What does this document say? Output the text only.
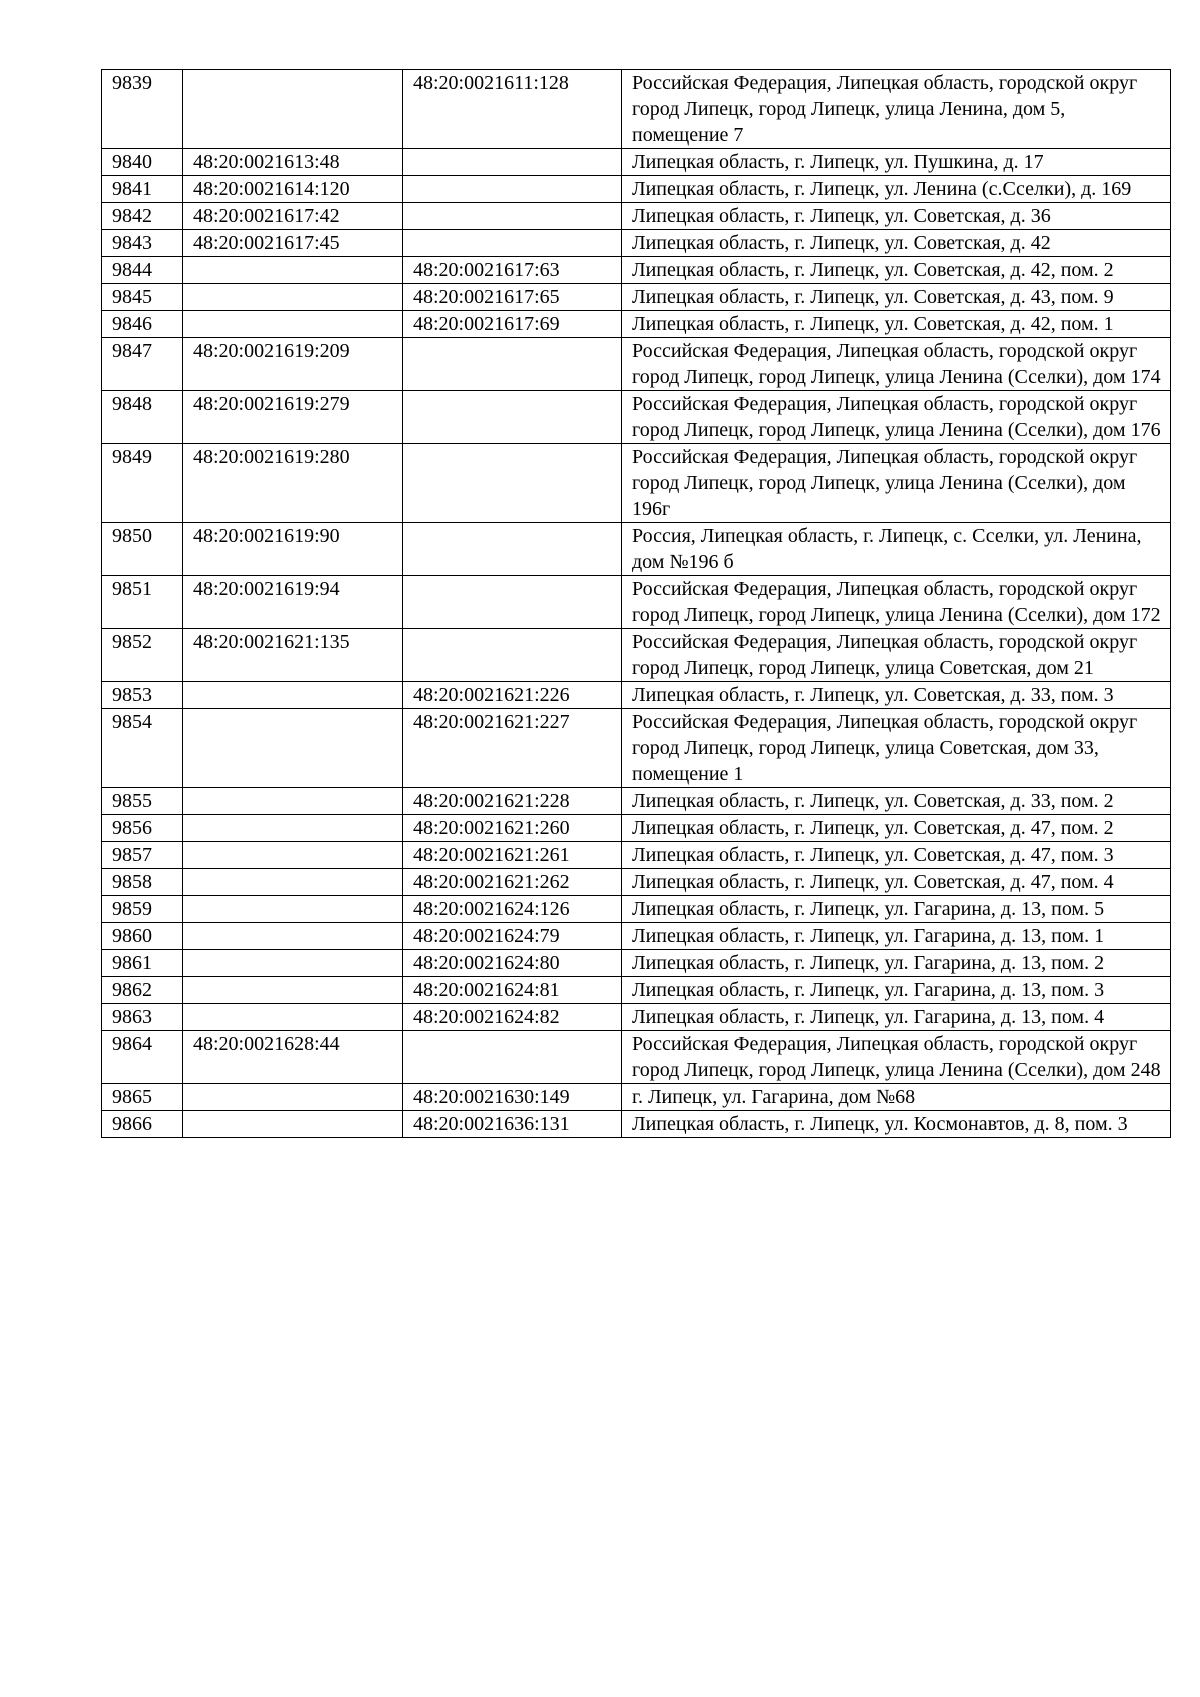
9839		48:20:0021611:128	Российская Федерация, Липецкая область, городской округ город Липецк, город Липецк, улица Ленина, дом 5, помещение 7
9840	48:20:0021613:48		Липецкая область, г. Липецк, ул. Пушкина, д. 17
9841	48:20:0021614:120		Липецкая область, г. Липецк, ул. Ленина (с.Сселки), д. 169
9842	48:20:0021617:42		Липецкая область, г. Липецк, ул. Советская, д. 36
9843	48:20:0021617:45		Липецкая область, г. Липецк, ул. Советская, д. 42
9844		48:20:0021617:63	Липецкая область, г. Липецк, ул. Советская, д. 42, пом. 2
9845		48:20:0021617:65	Липецкая область, г. Липецк, ул. Советская, д. 43, пом. 9
9846		48:20:0021617:69	Липецкая область, г. Липецк, ул. Советская, д. 42, пом. 1
9847	48:20:0021619:209		Российская Федерация, Липецкая область, городской округ город Липецк, город Липецк, улица Ленина (Сселки), дом 174
9848	48:20:0021619:279		Российская Федерация, Липецкая область, городской округ город Липецк, город Липецк, улица Ленина (Сселки), дом 176
9849	48:20:0021619:280		Российская Федерация, Липецкая область, городской округ город Липецк, город Липецк, улица Ленина (Сселки), дом 196г
9850	48:20:0021619:90		Россия, Липецкая область, г. Липецк, с. Сселки, ул. Ленина, дом №196 б
9851	48:20:0021619:94		Российская Федерация, Липецкая область, городской округ город Липецк, город Липецк, улица Ленина (Сселки), дом 172
9852	48:20:0021621:135		Российская Федерация, Липецкая область, городской округ город Липецк, город Липецк, улица Советская, дом 21
9853		48:20:0021621:226	Липецкая область, г. Липецк, ул. Советская, д. 33, пом. 3
9854		48:20:0021621:227	Российская Федерация, Липецкая область, городской округ город Липецк, город Липецк, улица Советская, дом 33, помещение 1
9855		48:20:0021621:228	Липецкая область, г. Липецк, ул. Советская, д. 33, пом. 2
9856		48:20:0021621:260	Липецкая область, г. Липецк, ул. Советская, д. 47, пом. 2
9857		48:20:0021621:261	Липецкая область, г. Липецк, ул. Советская, д. 47, пом. 3
9858		48:20:0021621:262	Липецкая область, г. Липецк, ул. Советская, д. 47, пом. 4
9859		48:20:0021624:126	Липецкая область, г. Липецк, ул. Гагарина, д. 13, пом. 5
9860		48:20:0021624:79	Липецкая область, г. Липецк, ул. Гагарина, д. 13, пом. 1
9861		48:20:0021624:80	Липецкая область, г. Липецк, ул. Гагарина, д. 13, пом. 2
9862		48:20:0021624:81	Липецкая область, г. Липецк, ул. Гагарина, д. 13, пом. 3
9863		48:20:0021624:82	Липецкая область, г. Липецк, ул. Гагарина, д. 13, пом. 4
9864	48:20:0021628:44		Российская Федерация, Липецкая область, городской округ город Липецк, город Липецк, улица Ленина (Сселки), дом 248
9865		48:20:0021630:149	г. Липецк, ул. Гагарина, дом №68
9866		48:20:0021636:131	Липецкая область, г. Липецк, ул. Космонавтов, д. 8, пом. 3
